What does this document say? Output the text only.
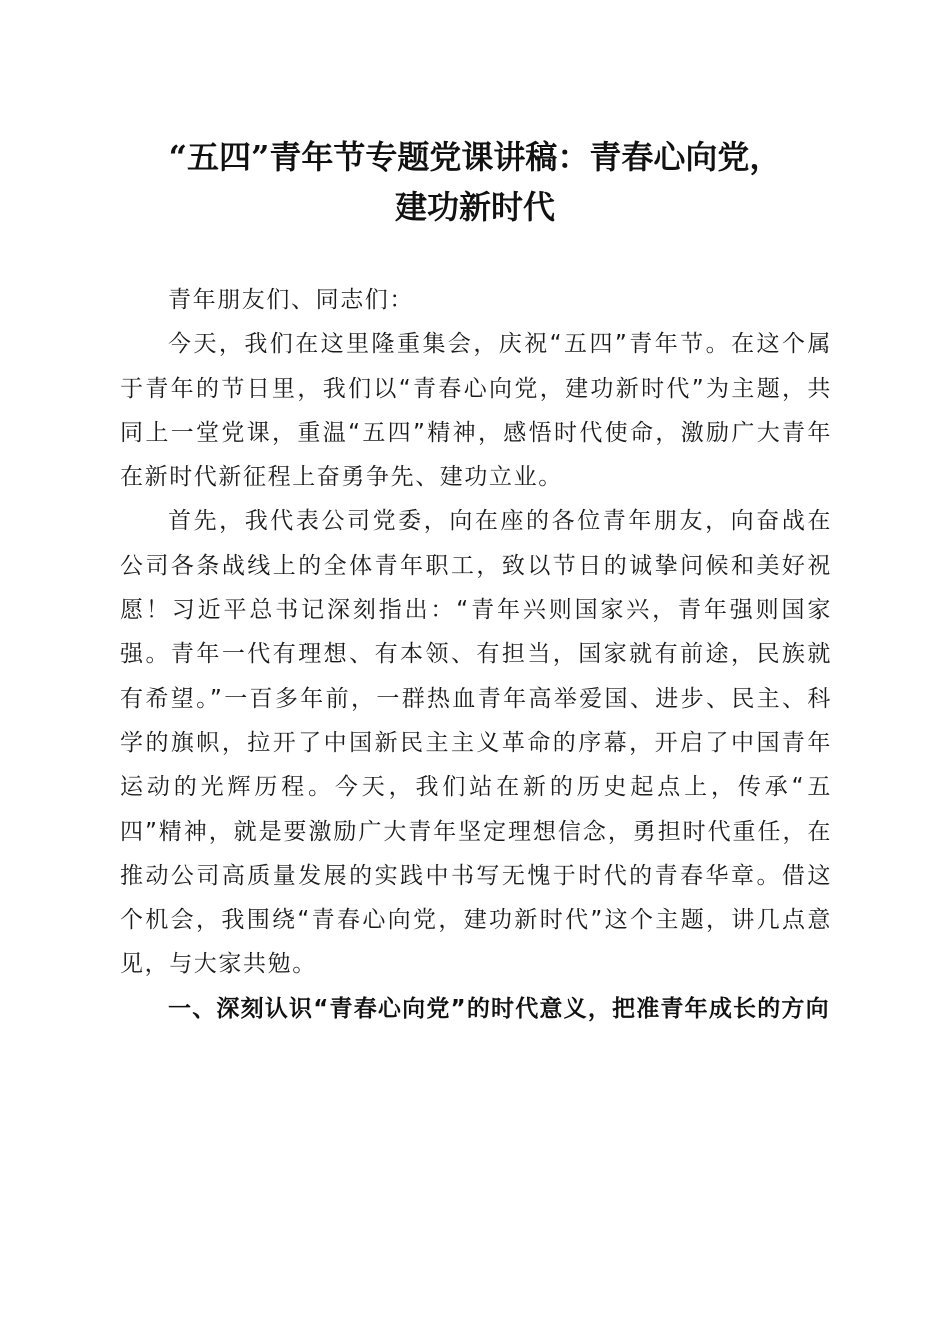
“五四”青年节专题党课讲稿：青春心向党，
建功新时代

青年朋友们、同志们：

今天，我们在这里隆重集会，庆祝“五四”青年节。在这个属于青年的节日里，我们以“青春心向党，建功新时代”为主题，共同上一堂党课，重温“五四”精神，感悟时代使命，激励广大青年在新时代新征程上奋勇争先、建功立业。

首先，我代表公司党委，向在座的各位青年朋友，向奋战在公司各条战线上的全体青年职工，致以节日的诚挚问候和美好祝愿！习近平总书记深刻指出：“青年兴则国家兴，青年强则国家强。青年一代有理想、有本领、有担当，国家就有前途，民族就有希望。”一百多年前，一群热血青年高举爱国、进步、民主、科学的旗帜，拉开了中国新民主主义革命的序幕，开启了中国青年运动的光辉历程。今天，我们站在新的历史起点上，传承“五四”精神，就是要激励广大青年坚定理想信念，勇担时代重任，在推动公司高质量发展的实践中书写无愧于时代的青春华章。借这个机会，我围绕“青春心向党，建功新时代”这个主题，讲几点意见，与大家共勉。

一、深刻认识“青春心向党”的时代意义，把准青年成长的方向
